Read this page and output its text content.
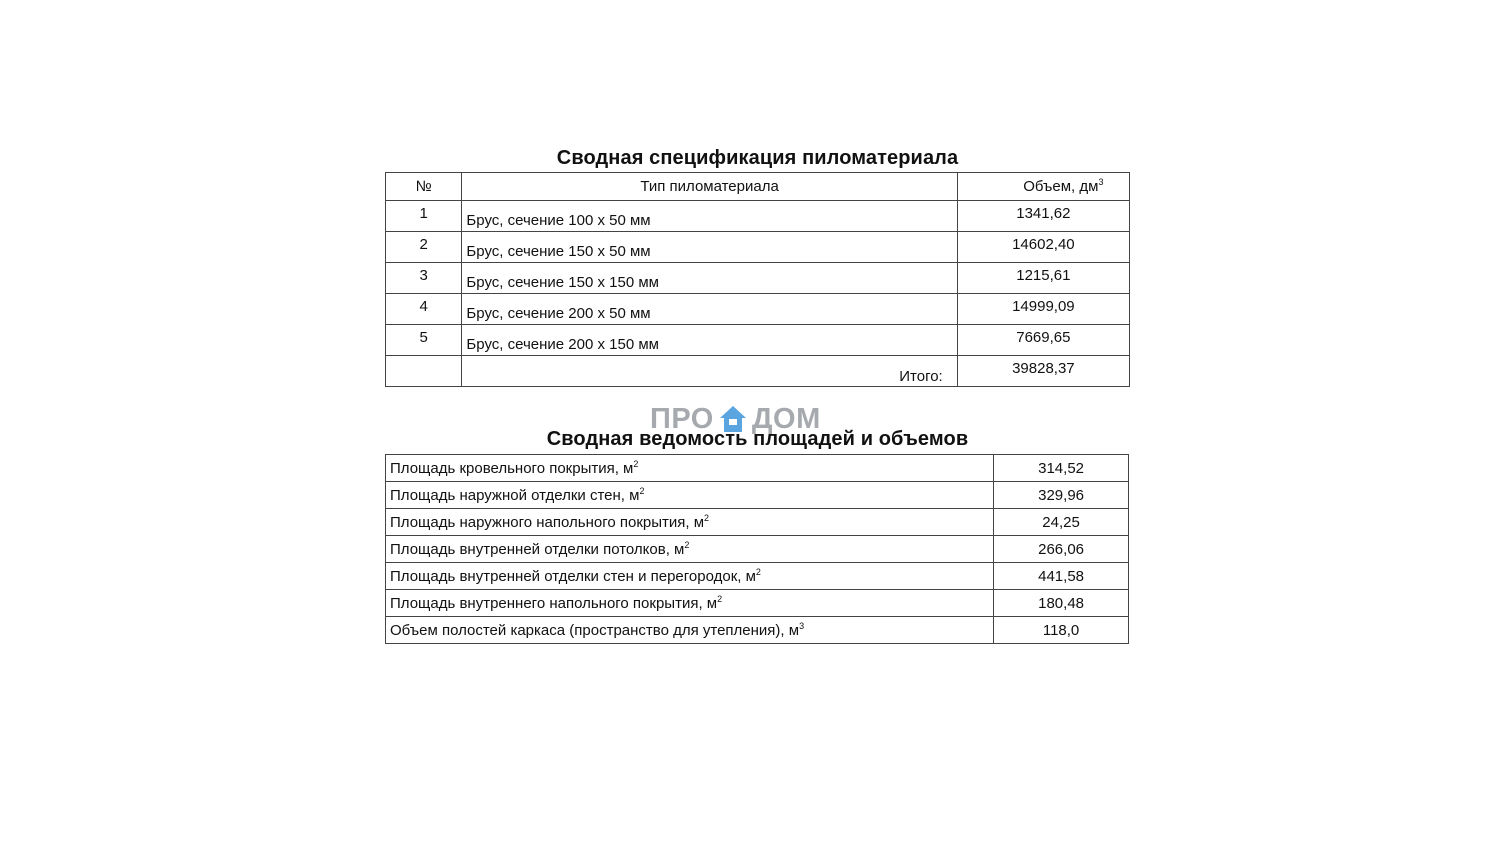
Сводная спецификация пиломатериала
№	Тип пиломатериала	Объем, $дм^3$
1	Брус, сечение 100 х 50 мм	1341,62
2	Брус, сечение 150 х 50 мм	14602,40
3	Брус, сечение 150 х 150 мм	1215,61
4	Брус, сечение 200 х 50 мм	14999,09
5	Брус, сечение 200 х 150 мм	7669,65
	Итого:	39828,37
ПРО ДОМ
Сводная ведомость площадей и объемов
Площадь кровельного покрытия, $м^2$	314,52
Площадь наружной отделки стен, $м^2$	329,96
Площадь наружного напольного покрытия, $м^2$	24,25
Площадь внутренней отделки потолков, $м^2$	266,06
Площадь внутренней отделки стен и перегородок, $м^2$	441,58
Площадь внутреннего напольного покрытия, $м^2$	180,48
Объем полостей каркаса (пространство для утепления), $м^3$	118,0
